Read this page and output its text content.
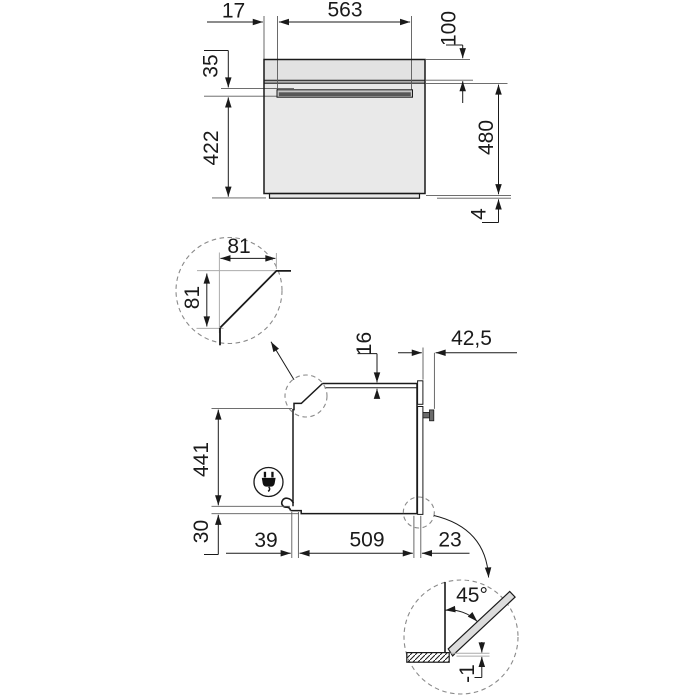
17	563
100
35
422	480
4
81
81
16	42,5
441
30 39	509	23
45°
-1
